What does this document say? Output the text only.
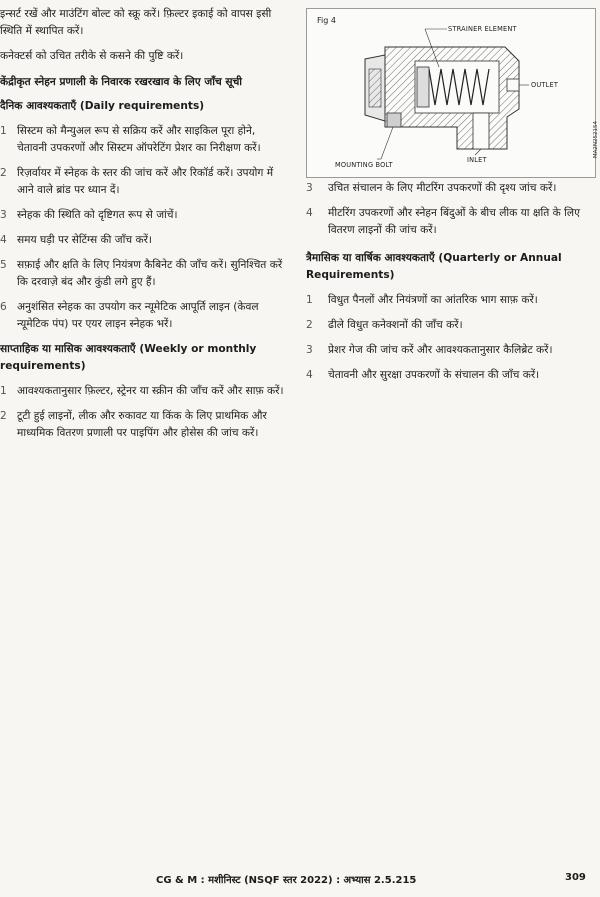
इन्सर्ट रखें और माउंटिंग बोल्ट को स्क्रू करें। फ़िल्टर इकाई को वापस इसी

स्थिति में स्थापित करें।

कनेक्टर्स को उचित तरीके से कसने की पुष्टि करें।

केंद्रीकृत स्नेहन प्रणाली के निवारक रखरखाव के लिए जाँच सूची

दैनिक आवश्यकताएँ (Daily requirements)

1 सिस्टम को मैन्युअल रूप से सक्रिय करें और साइकिल पूरा होने, चेतावनी उपकरणों और सिस्टम ऑपरेटिंग प्रेशर का निरीक्षण करें।
2 रिज़र्वायर में स्नेहक के स्तर की जांच करें और रिकॉर्ड करें। उपयोग में आने वाले ब्रांड पर ध्यान दें।
3 स्नेहक की स्थिति को दृष्टिगत रूप से जांचें।
4 समय घड़ी पर सेटिंग्स की जाँच करें।
5 सफ़ाई और क्षति के लिए नियंत्रण कैबिनेट की जाँच करें। सुनिश्चित करें कि दरवाज़े बंद और कुंडी लगे हुए हैं।
6 अनुशंसित स्नेहक का उपयोग कर न्यूमेटिक आपूर्ति लाइन (केवल न्यूमेटिक पंप) पर एयर लाइन स्नेहक भरें।

साप्ताहिक या मासिक आवश्यकताएँ (Weekly or monthly requirements)

1 आवश्यकतानुसार फ़िल्टर, स्ट्रेनर या स्क्रीन की जाँच करें और साफ़ करें।
2 टूटी हुई लाइनों, लीक और रुकावट या किंक के लिए प्राथमिक और माध्यमिक वितरण प्रणाली पर पाइपिंग और होसेस की जांच करें।
Fig 4
STRAINER ELEMENT
OUTLET
MOUNTING BOLT
INLET
MA2N252154
3	उचित संचालन के लिए मीटरिंग उपकरणों की दृश्य जांच करें।
4	मीटरिंग उपकरणों और स्नेहन बिंदुओं के बीच लीक या क्षति के लिए वितरण लाइनों की जांच करें।

त्रैमासिक या वार्षिक आवश्यकताएँ (Quarterly or Annual Requirements)

1	विधुत पैनलों और नियंत्रणों का आंतरिक भाग साफ़ करें।
2	ढीले विधुत कनेक्शनों की जाँच करें।
3	प्रेशर गेज की जांच करें और आवश्यकतानुसार कैलिब्रेट करें।
4	चेतावनी और सुरक्षा उपकरणों के संचालन की जाँच करें।
CG & M : मशीनिस्ट (NSQF स्तर 2022) : अभ्यास 2.5.215	309
